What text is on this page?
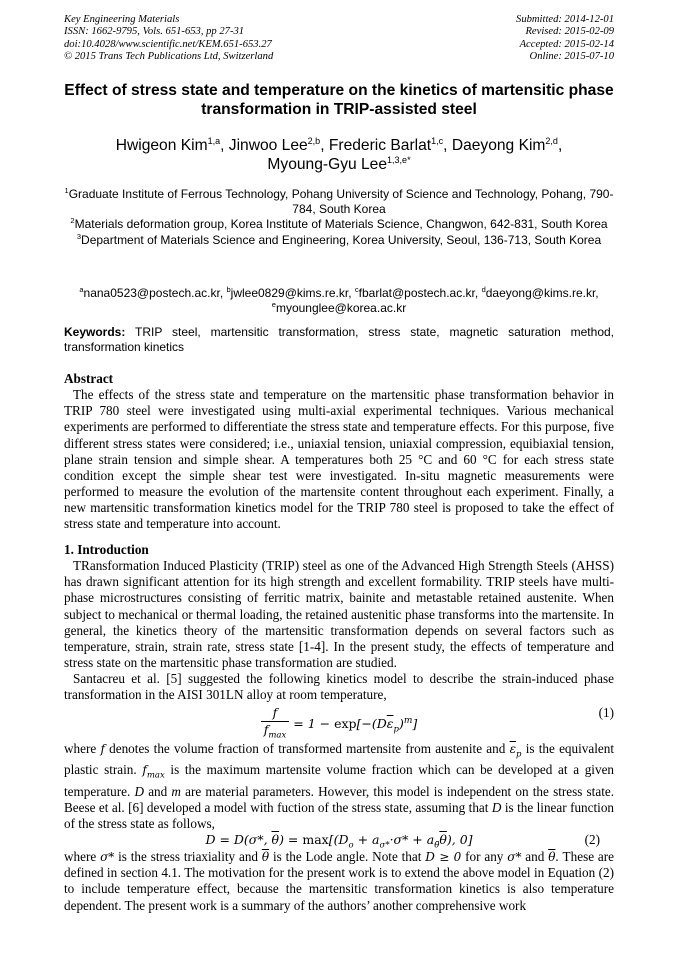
Key Engineering Materials
ISSN: 1662-9795, Vols. 651-653, pp 27-31
doi:10.4028/www.scientific.net/KEM.651-653.27
© 2015 Trans Tech Publications Ltd, Switzerland
Submitted: 2014-12-01
Revised: 2015-02-09
Accepted: 2015-02-14
Online: 2015-07-10
Effect of stress state and temperature on the kinetics of martensitic phase transformation in TRIP-assisted steel
Hwigeon Kim$^{1,a}$, Jinwoo Lee$^{2,b}$, Frederic Barlat$^{1,c}$, Daeyong Kim$^{2,d}$,
Myoung-Gyu Lee$^{1,3,e*}$
$^1$Graduate Institute of Ferrous Technology, Pohang University of Science and Technology, Pohang, 790-784, South Korea
$^2$Materials deformation group, Korea Institute of Materials Science, Changwon, 642-831, South Korea
$^3$Department of Materials Science and Engineering, Korea University, Seoul, 136-713, South Korea
$^a$nana0523@postech.ac.kr, $^b$jwlee0829@kims.re.kr, $^c$fbarlat@postech.ac.kr, $^d$daeyong@kims.re.kr,
$^e$myounglee@korea.ac.kr
Keywords: TRIP steel, martensitic transformation, stress state, magnetic saturation method, transformation kinetics
Abstract

The effects of the stress state and temperature on the martensitic phase transformation behavior in TRIP 780 steel were investigated using multi-axial experimental techniques. Various mechanical experiments are performed to differentiate the stress state and temperature effects. For this purpose, five different stress states were considered; i.e., uniaxial tension, uniaxial compression, equibiaxial tension, plane strain tension and simple shear. A temperatures both 25 °C and 60 °C for each stress state condition except the simple shear test were investigated. In-situ magnetic measurements were performed to measure the evolution of the martensite content throughout each experiment. Finally, a new martensitic transformation kinetics model for the TRIP 780 steel is proposed to take the effect of stress state and temperature into account.

1. Introduction

TRansformation Induced Plasticity (TRIP) steel as one of the Advanced High Strength Steels (AHSS) has drawn significant attention for its high strength and excellent formability. TRIP steels have multi-phase microstructures consisting of ferritic matrix, bainite and metastable retained austenite. When subject to mechanical or thermal loading, the retained austenitic phase transforms into the martensite. In general, the kinetics theory of the martensitic transformation depends on several factors such as temperature, strain, strain rate, stress state [1-4]. In the present study, the effects of temperature and stress state on the martensitic phase transformation are studied.

Santacreu et al. [5] suggested the following kinetics model to describe the strain-induced phase transformation in the AISI 301LN alloy at room temperature,

$\frac{f}{f_{max}} = 1 - \exp[-(D\overline{\varepsilon}_p)^m]$
(1)

where f denotes the volume fraction of transformed martensite from austenite and $\overline{\varepsilon}_p$ is the equivalent plastic strain. $f_{max}$ is the maximum martensite volume fraction which can be developed at a given temperature. D and m are material parameters. However, this model is independent on the stress state. Beese et al. [6] developed a model with fuction of the stress state, assuming that D is the linear function of the stress state as follows,

D = D(σ*, $\overline{\theta}) = \max[(D_o + a_{\sigma*}\cdot\sigma* + a_{\thetā}\overline{\theta})$, 0]	(2)

where σ* is the stress triaxiality and $\overline{\theta}$ is the Lode angle. Note that D ≥ 0 for any σ* and $\overline{\theta}$. These are defined in section 4.1. The motivation for the present work is to extend the above model in Equation (2) to include temperature effect, because the martensitic transformation kinetics is also temperature dependent. The present work is a summary of the authors’ another comprehensive work
